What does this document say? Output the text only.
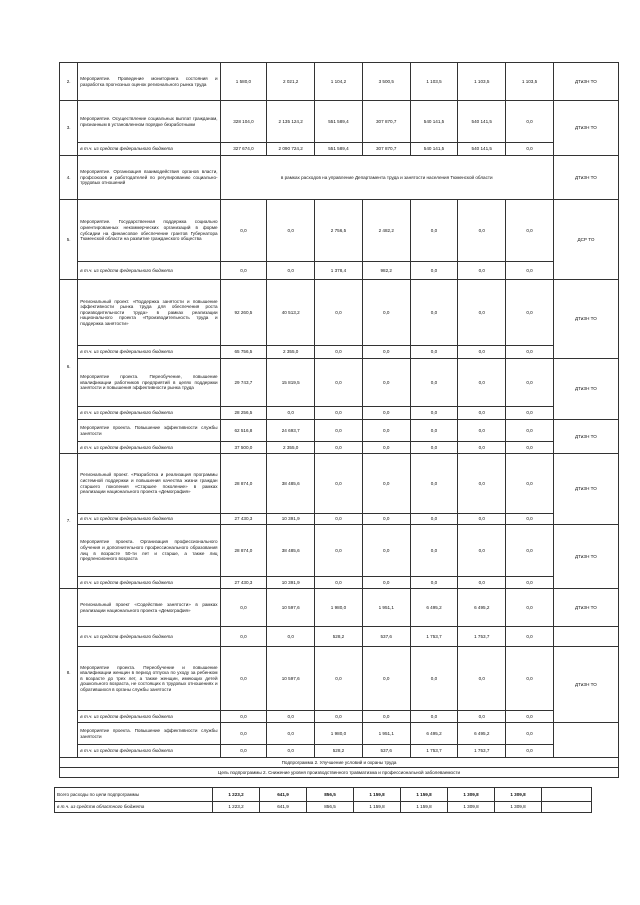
2.	Мероприятие. Проведение мониторинга состояния и разработка прогнозных оценок регионального рынка труда	1 580,0	2 021,2	1 104,2	3 500,5	1 103,5	1 103,5	1 103,5	ДТиЗН ТО
3.	Мероприятие. Осуществление социальных выплат гражданам, признанным в установленном порядке безработными	328 104,0	2 135 124,2	551 589,4	307 870,7	540 141,5	540 141,5	0,0	ДТиЗН ТО
	в т.ч. из средств федерального бюджета	327 674,0	2 090 724,2	551 589,4	307 870,7	540 141,5	540 141,5	0,0	
4.	Мероприятие. Организация взаимодействия органов власти, профсоюзов и работодателей по регулированию социально-трудовых отношений	в рамках расходов на управление Департамента труда и занятости населения Тюменской области							ДТиЗН ТО
5.	Мероприятие. Государственная поддержка социально ориентированных некоммерческих организаций в форме субсидии на финансовое обеспечение грантов Губернатора Тюменской области на развитие гражданского общества	0,0	0,0	2 756,5	2 482,2	0,0	0,0	0,0	ДСР ТО
	в т.ч. из средств федерального бюджета	0,0	0,0	1 378,4	982,2	0,0	0,0	0,0	
6.	Региональный проект. «Поддержка занятости и повышение эффективности рынка труда для обеспечения роста производительности труда» в рамках реализации национального проекта «Производительность труда и поддержка занятости»	92 260,5	40 513,2	0,0	0,0	0,0	0,0	0,0	ДТиЗН ТО
	в т.ч. из средств федерального бюджета	65 756,5	2 355,0	0,0	0,0	0,0	0,0	0,0	
	Мероприятие проекта. Переобучение, повышение квалификации работников предприятий в целях поддержки занятости и повышения эффективности рынка труда	29 743,7	15 819,5	0,0	0,0	0,0	0,0	0,0	ДТиЗН ТО
	в т.ч. из средств федерального бюджета	28 256,5	0,0	0,0	0,0	0,0	0,0	0,0	
	Мероприятие проекта. Повышение эффективности службы занятости	62 516,8	24 693,7	0,0	0,0	0,0	0,0	0,0	ДТиЗН ТО
	в т.ч. из средств федерального бюджета	37 500,0	2 355,0	0,0	0,0	0,0	0,0	0,0	
7.	Региональный проект. «Разработка и реализация программы системной поддержки и повышения качества жизни граждан старшего поколения «Старшее поколение» в рамках реализации национального проекта «Демография»	28 874,0	38 485,6	0,0	0,0	0,0	0,0	0,0	ДТиЗН ТО
	в т.ч. из средств федерального бюджета	27 430,3	10 391,9	0,0	0,0	0,0	0,0	0,0	
	Мероприятие проекта. Организация профессионального обучения и дополнительного профессионального образования лиц в возрасте 50-ти лет и старше, а также лиц предпенсионного возраста	28 874,0	38 485,6	0,0	0,0	0,0	0,0	0,0	ДТиЗН ТО
	в т.ч. из средств федерального бюджета	27 430,3	10 391,9	0,0	0,0	0,0	0,0	0,0	
8.	Региональный проект «Содействие занятости» в рамках реализации национального проекта «Демография»	0,0	10 597,6	1 980,0	1 951,1	6 495,2	6 495,2	0,0	ДТиЗН ТО
	в т.ч. из средств федерального бюджета	0,0	0,0	528,2	537,6	1 753,7	1 753,7	0,0	
	Мероприятие проекта. Переобучение и повышение квалификации женщин в период отпуска по уходу за ребенком в возрасте до трех лет, а также женщин, имеющих детей дошкольного возраста, не состоящих в трудовых отношениях и обратившихся в органы службы занятости	0,0	10 597,6	0,0	0,0	0,0	0,0	0,0	ДТиЗН ТО
	в т.ч. из средств федерального бюджета	0,0	0,0	0,0	0,0	0,0	0,0	0,0	
	Мероприятие проекта. Повышение эффективности службы занятости	0,0	0,0	1 980,0	1 951,1	6 495,2	6 495,2	0,0	
	в т.ч. из средств федерального бюджета	0,0	0,0	528,2	537,6	1 753,7	1 753,7	0,0	
Подпрограмма 2. Улучшение условий и охраны труда									
Цель подпрограммы 2. Снижение уровня производственного травматизма и профессиональной заболеваемости									
Всего расходы по цели подпрограммы	1 223,2	641,9	856,5	1 159,8	1 159,8	1 309,8	1 309,8	
в т.ч. из средств областного бюджета	1 223,2	641,9	856,5	1 159,8	1 159,8	1 309,8	1 309,8	
